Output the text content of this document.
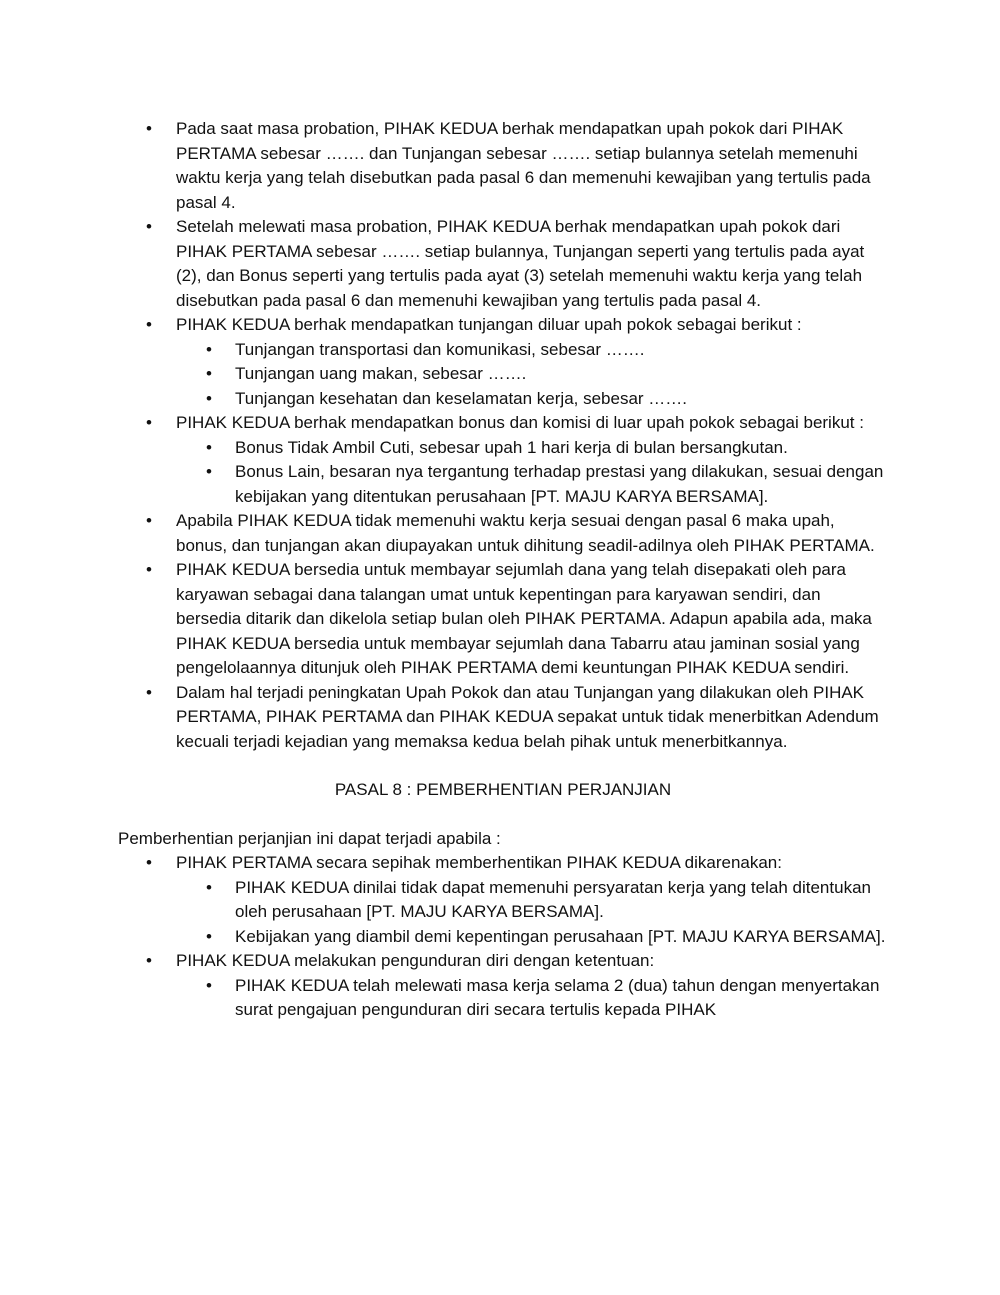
• Pada saat masa probation, PIHAK KEDUA berhak mendapatkan upah pokok dari PIHAK PERTAMA sebesar ……. dan Tunjangan sebesar ……. setiap bulannya setelah memenuhi waktu kerja yang telah disebutkan pada pasal 6 dan memenuhi kewajiban yang tertulis pada pasal 4.
• Setelah melewati masa probation, PIHAK KEDUA berhak mendapatkan upah pokok dari PIHAK PERTAMA sebesar ……. setiap bulannya, Tunjangan seperti yang tertulis pada ayat (2), dan Bonus seperti yang tertulis pada ayat (3) setelah memenuhi waktu kerja yang telah disebutkan pada pasal 6 dan memenuhi kewajiban yang tertulis pada pasal 4.
• PIHAK KEDUA berhak mendapatkan tunjangan diluar upah pokok sebagai berikut :
• Tunjangan transportasi dan komunikasi, sebesar …….
• Tunjangan uang makan, sebesar …….
• Tunjangan kesehatan dan keselamatan kerja, sebesar …….
• PIHAK KEDUA berhak mendapatkan bonus dan komisi di luar upah pokok sebagai berikut :
• Bonus Tidak Ambil Cuti, sebesar upah 1 hari kerja di bulan bersangkutan.
• Bonus Lain, besaran nya tergantung terhadap prestasi yang dilakukan, sesuai dengan kebijakan yang ditentukan perusahaan [PT. MAJU KARYA BERSAMA].
• Apabila PIHAK KEDUA tidak memenuhi waktu kerja sesuai dengan pasal 6 maka upah, bonus, dan tunjangan akan diupayakan untuk dihitung seadil-adilnya oleh PIHAK PERTAMA.
• PIHAK KEDUA bersedia untuk membayar sejumlah dana yang telah disepakati oleh para karyawan sebagai dana talangan umat untuk kepentingan para karyawan sendiri, dan bersedia ditarik dan dikelola setiap bulan oleh PIHAK PERTAMA. Adapun apabila ada, maka PIHAK KEDUA bersedia untuk membayar sejumlah dana Tabarru atau jaminan sosial yang pengelolaannya ditunjuk oleh PIHAK PERTAMA demi keuntungan PIHAK KEDUA sendiri.
• Dalam hal terjadi peningkatan Upah Pokok dan atau Tunjangan yang dilakukan oleh PIHAK PERTAMA, PIHAK PERTAMA dan PIHAK KEDUA sepakat untuk tidak menerbitkan Adendum kecuali terjadi kejadian yang memaksa kedua belah pihak untuk menerbitkannya.
PASAL 8 : PEMBERHENTIAN PERJANJIAN

Pemberhentian perjanjian ini dapat terjadi apabila :

• PIHAK PERTAMA secara sepihak memberhentikan PIHAK KEDUA dikarenakan:
• PIHAK KEDUA dinilai tidak dapat memenuhi persyaratan kerja yang telah ditentukan oleh perusahaan [PT. MAJU KARYA BERSAMA].
• Kebijakan yang diambil demi kepentingan perusahaan [PT. MAJU KARYA BERSAMA].
• PIHAK KEDUA melakukan pengunduran diri dengan ketentuan:
• PIHAK KEDUA telah melewati masa kerja selama 2 (dua) tahun dengan menyertakan surat pengajuan pengunduran diri secara tertulis kepada PIHAK
